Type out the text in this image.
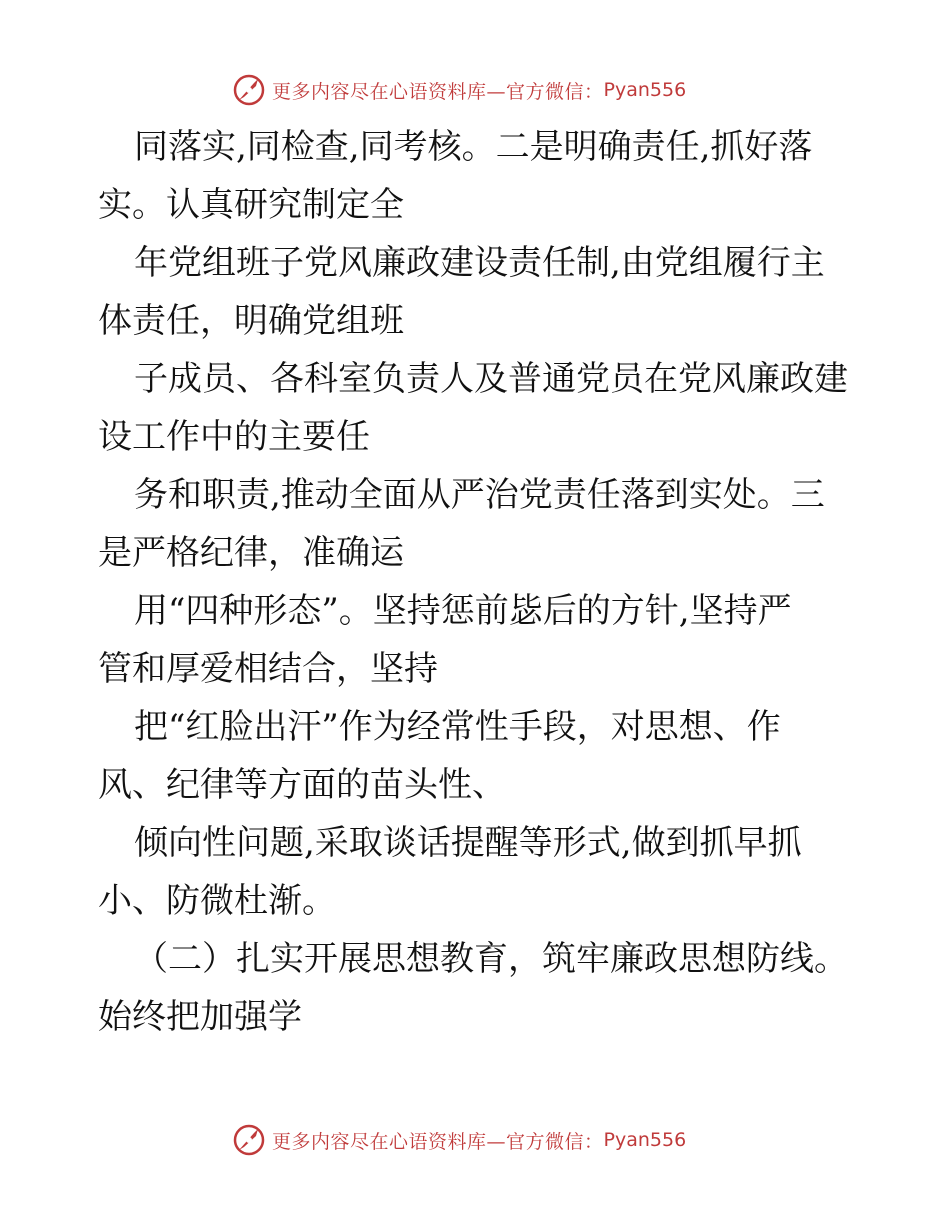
更多内容尽在心语资料库—官方微信： Pyan556

同落实,同检查,同考核。二是明确责任,抓好落
实。认真研究制定全

年党组班子党风廉政建设责任制,由党组履行主
体责任，明确党组班

子成员、各科室负责人及普通党员在党风廉政建
设工作中的主要任

务和职责,推动全面从严治党责任落到实处。三
是严格纪律，准确运

用“四种形态”。坚持惩前毖后的方针,坚持严
管和厚爱相结合，坚持

把“红脸出汗”作为经常性手段，对思想、作
风、纪律等方面的苗头性、

倾向性问题,采取谈话提醒等形式,做到抓早抓
小、防微杜渐。

（二）扎实开展思想教育，筑牢廉政思想防线。
始终把加强学

更多内容尽在心语资料库—官方微信： Pyan556
